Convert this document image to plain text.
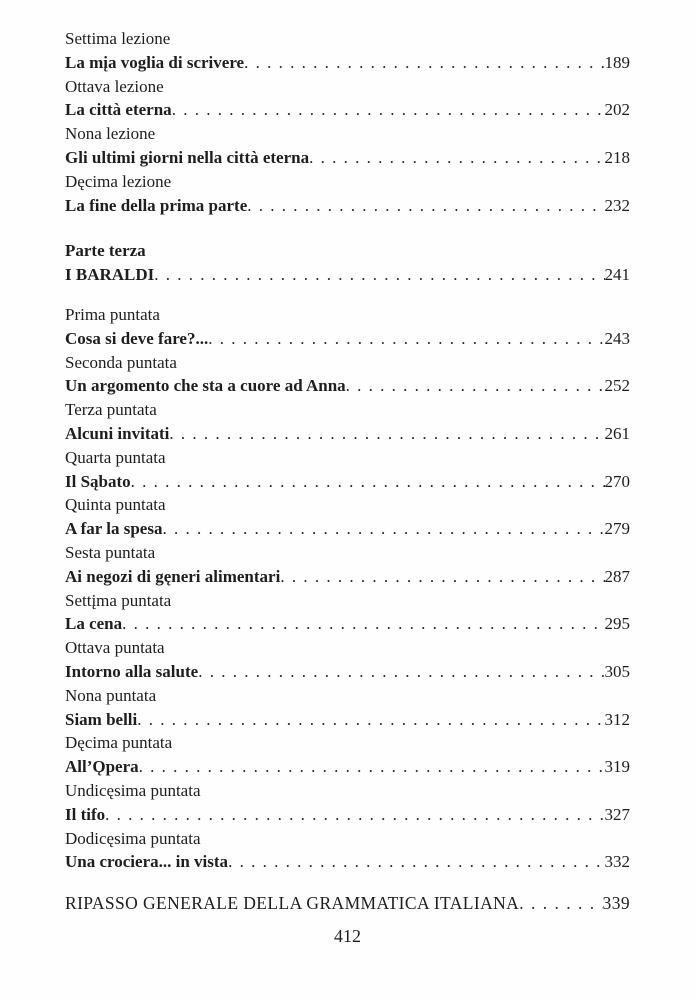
Settima lezione
La mįa voglia di scrivere . . .	189
Ottava lezione
La città eterna . . .	202
Nona lezione
Gli ultimi giorni nella città eterna . . .	218
Dęcima lezione
La fine della prima parte . . .	232
Parte terza
I BARALDI . . .	241
Prima puntata
Cosa si deve fare?... . . .	243
Seconda puntata
Un argomento che sta a cuore ad Anna . . .	252
Terza puntata
Alcuni invitati . . .	261
Quarta puntata
Il Sąbato . . .	270
Quinta puntata
A far la spesa . . .	279
Sesta puntata
Ai negozi di gęneri alimentari . . .	287
Settįma puntata
La cena . . .	295
Ottava puntata
Intorno alla salute . . .	305
Nona puntata
Siam belli . . .	312
Dęcima puntata
All’Ǫpera . . .	319
Undicęsima puntata
Il tifo . . .	327
Dodicęsima puntata
Una crociera... in vista . . .	332
RIPASSO GENERALE DELLA GRAMMATICA ITALIANA . . .	339
412
